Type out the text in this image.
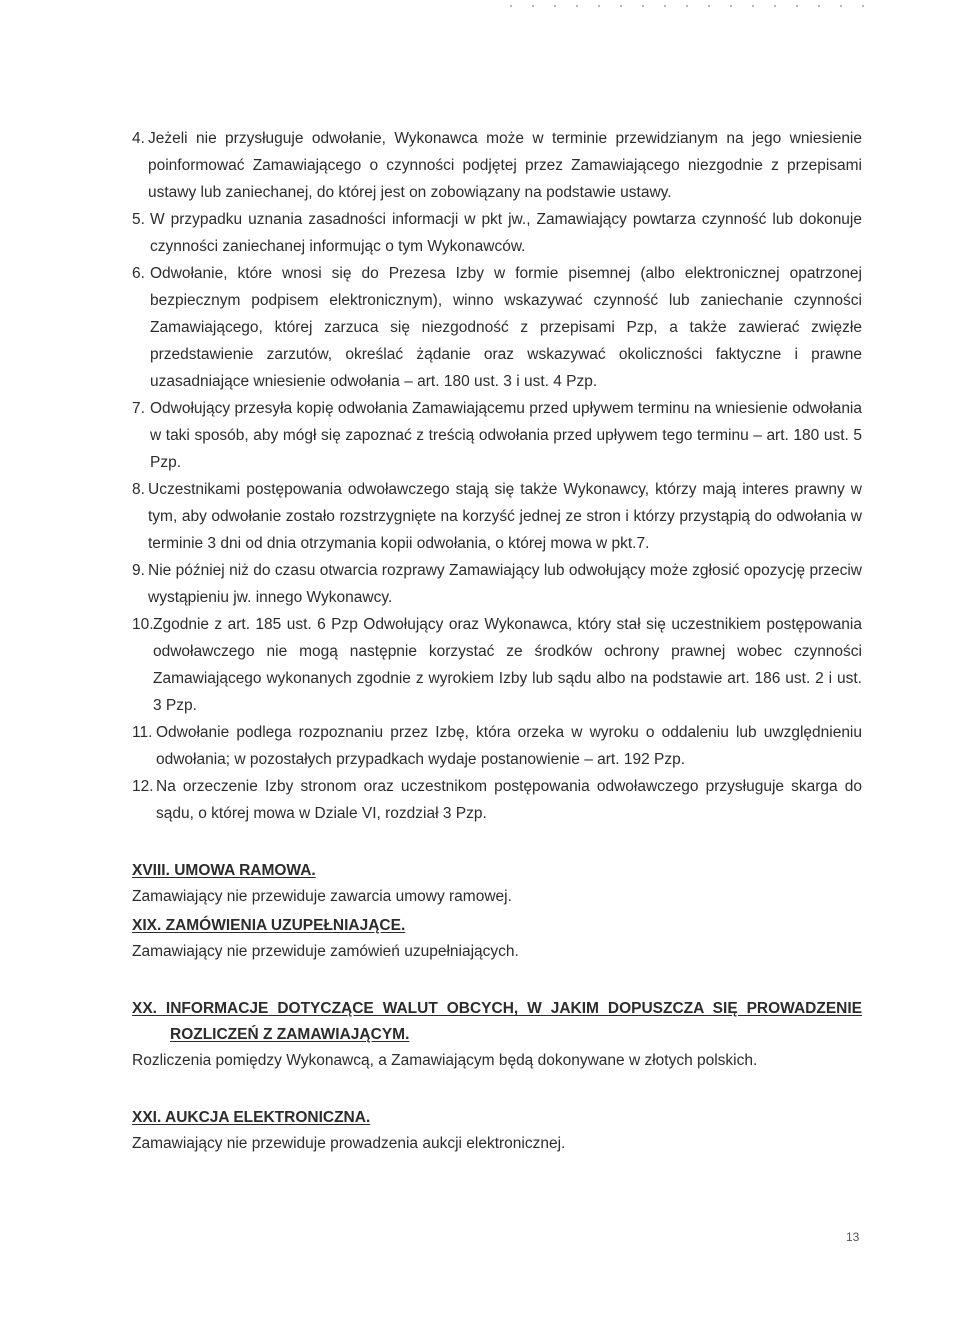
4. Jeżeli nie przysługuje odwołanie, Wykonawca może w terminie przewidzianym na jego wniesienie poinformować Zamawiającego o czynności podjętej przez Zamawiającego niezgodnie z przepisami ustawy lub zaniechanej, do której jest on zobowiązany na podstawie ustawy.

5. W przypadku uznania zasadności informacji w pkt jw., Zamawiający powtarza czynność lub dokonuje czynności zaniechanej informując o tym Wykonawców.

6. Odwołanie, które wnosi się do Prezesa Izby w formie pisemnej (albo elektronicznej opatrzonej bezpiecznym podpisem elektronicznym), winno wskazywać czynność lub zaniechanie czynności Zamawiającego, której zarzuca się niezgodność z przepisami Pzp, a także zawierać zwięzłe przedstawienie zarzutów, określać żądanie oraz wskazywać okoliczności faktyczne i prawne uzasadniające wniesienie odwołania – art. 180 ust. 3 i ust. 4 Pzp.

7. Odwołujący przesyła kopię odwołania Zamawiającemu przed upływem terminu na wniesienie odwołania w taki sposób, aby mógł się zapoznać z treścią odwołania przed upływem tego terminu – art. 180 ust. 5 Pzp.

8. Uczestnikami postępowania odwoławczego stają się także Wykonawcy, którzy mają interes prawny w tym, aby odwołanie zostało rozstrzygnięte na korzyść jednej ze stron i którzy przystąpią do odwołania w terminie 3 dni od dnia otrzymania kopii odwołania, o której mowa w pkt.7.

9. Nie później niż do czasu otwarcia rozprawy Zamawiający lub odwołujący może zgłosić opozycję przeciw wystąpieniu jw. innego Wykonawcy.

10. Zgodnie z art. 185 ust. 6 Pzp Odwołujący oraz Wykonawca, który stał się uczestnikiem postępowania odwoławczego nie mogą następnie korzystać ze środków ochrony prawnej wobec czynności Zamawiającego wykonanych zgodnie z wyrokiem Izby lub sądu albo na podstawie art. 186 ust. 2 i ust. 3 Pzp.

11. Odwołanie podlega rozpoznaniu przez Izbę, która orzeka w wyroku o oddaleniu lub uwzględnieniu odwołania; w pozostałych przypadkach wydaje postanowienie – art. 192 Pzp.

12. Na orzeczenie Izby stronom oraz uczestnikom postępowania odwoławczego przysługuje skarga do sądu, o której mowa w Dziale VI, rozdział 3 Pzp.

XVIII. UMOWA RAMOWA.
Zamawiający nie przewiduje zawarcia umowy ramowej.
XIX. ZAMÓWIENIA UZUPEŁNIAJĄCE.
Zamawiający nie przewiduje zamówień uzupełniających.
XX. INFORMACJE DOTYCZĄCE WALUT OBCYCH, W JAKIM DOPUSZCZA SIĘ PROWADZENIE
ROZLICZEŃ Z ZAMAWIAJĄCYM.
Rozliczenia pomiędzy Wykonawcą, a Zamawiającym będą dokonywane w złotych polskich.
XXI. AUKCJA ELEKTRONICZNA.
Zamawiający nie przewiduje prowadzenia aukcji elektronicznej.
13
